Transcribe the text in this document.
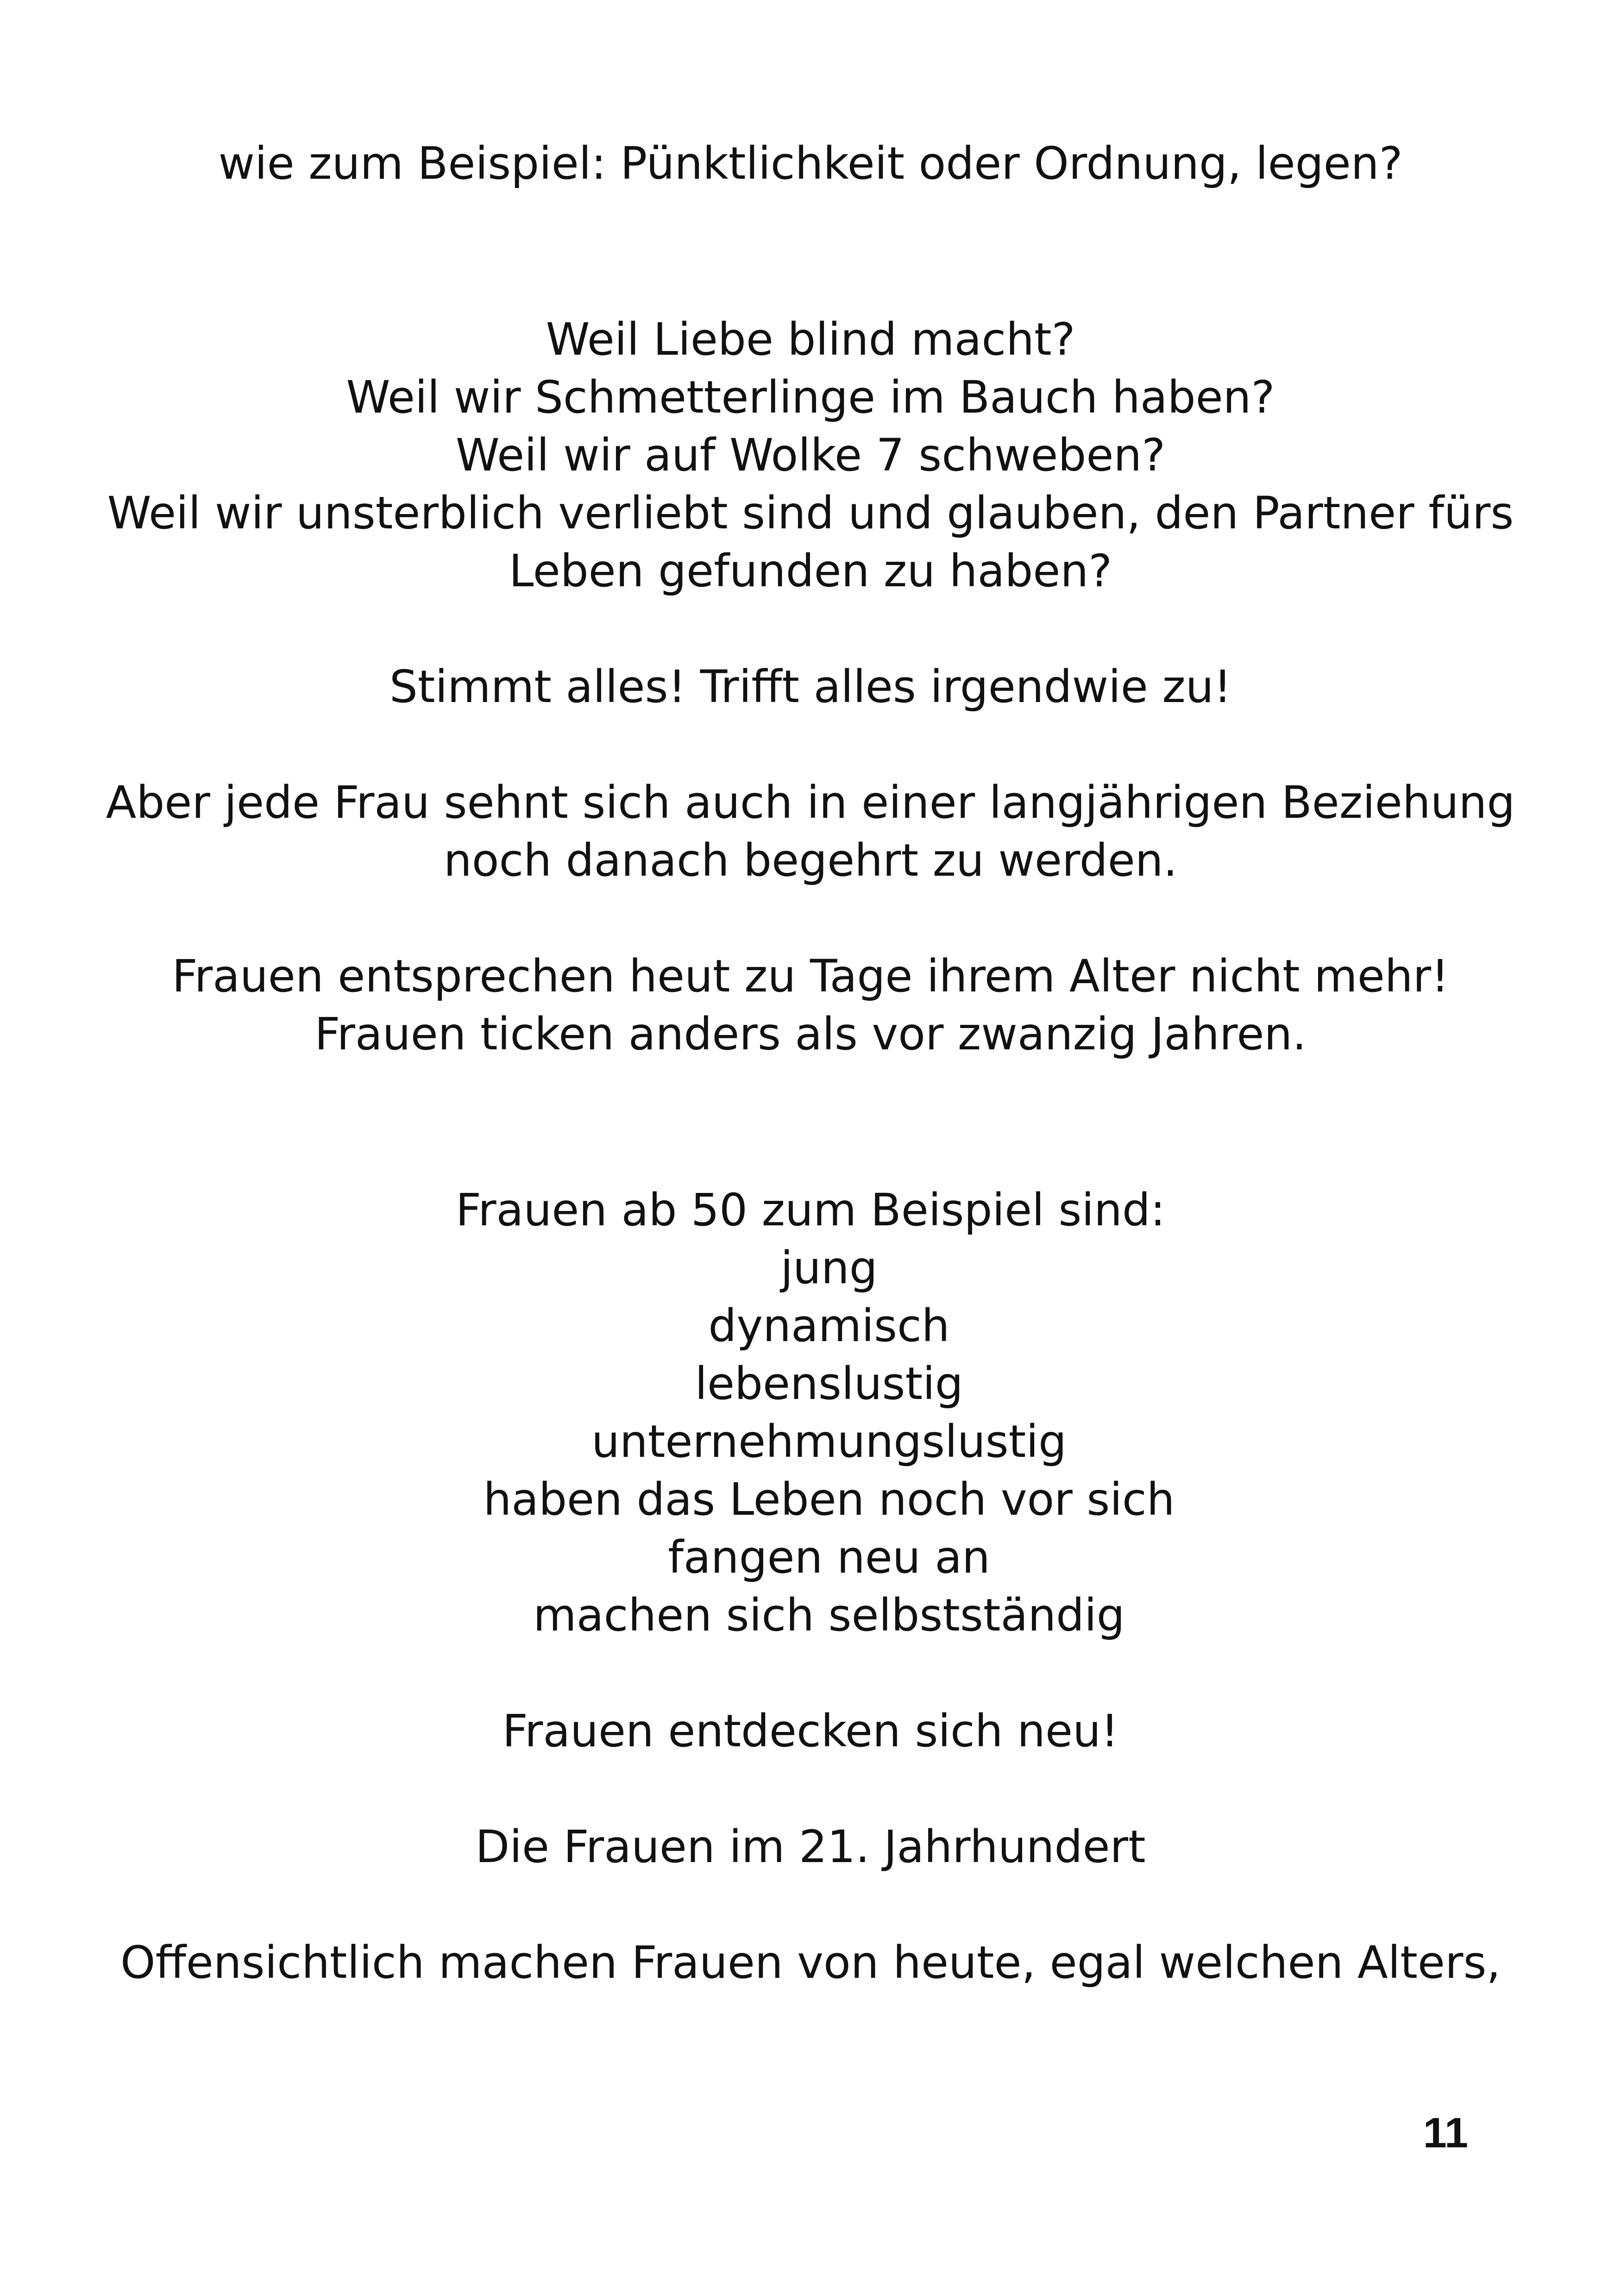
wie zum Beispiel: Pünktlichkeit oder Ordnung, legen?
Weil Liebe blind macht?
Weil wir Schmetterlinge im Bauch haben?
Weil wir auf Wolke 7 schweben?
Weil wir unsterblich verliebt sind und glauben, den Partner fürs
Leben gefunden zu haben?
Stimmt alles! Trifft alles irgendwie zu!
Aber jede Frau sehnt sich auch in einer langjährigen Beziehung
noch danach begehrt zu werden.
Frauen entsprechen heut zu Tage ihrem Alter nicht mehr!
Frauen ticken anders als vor zwanzig Jahren.
Frauen ab 50 zum Beispiel sind:
jung
dynamisch
lebenslustig
unternehmungslustig
haben das Leben noch vor sich
fangen neu an
machen sich selbstständig
Frauen entdecken sich neu!
Die Frauen im 21. Jahrhundert
Offensichtlich machen Frauen von heute, egal welchen Alters,
11
